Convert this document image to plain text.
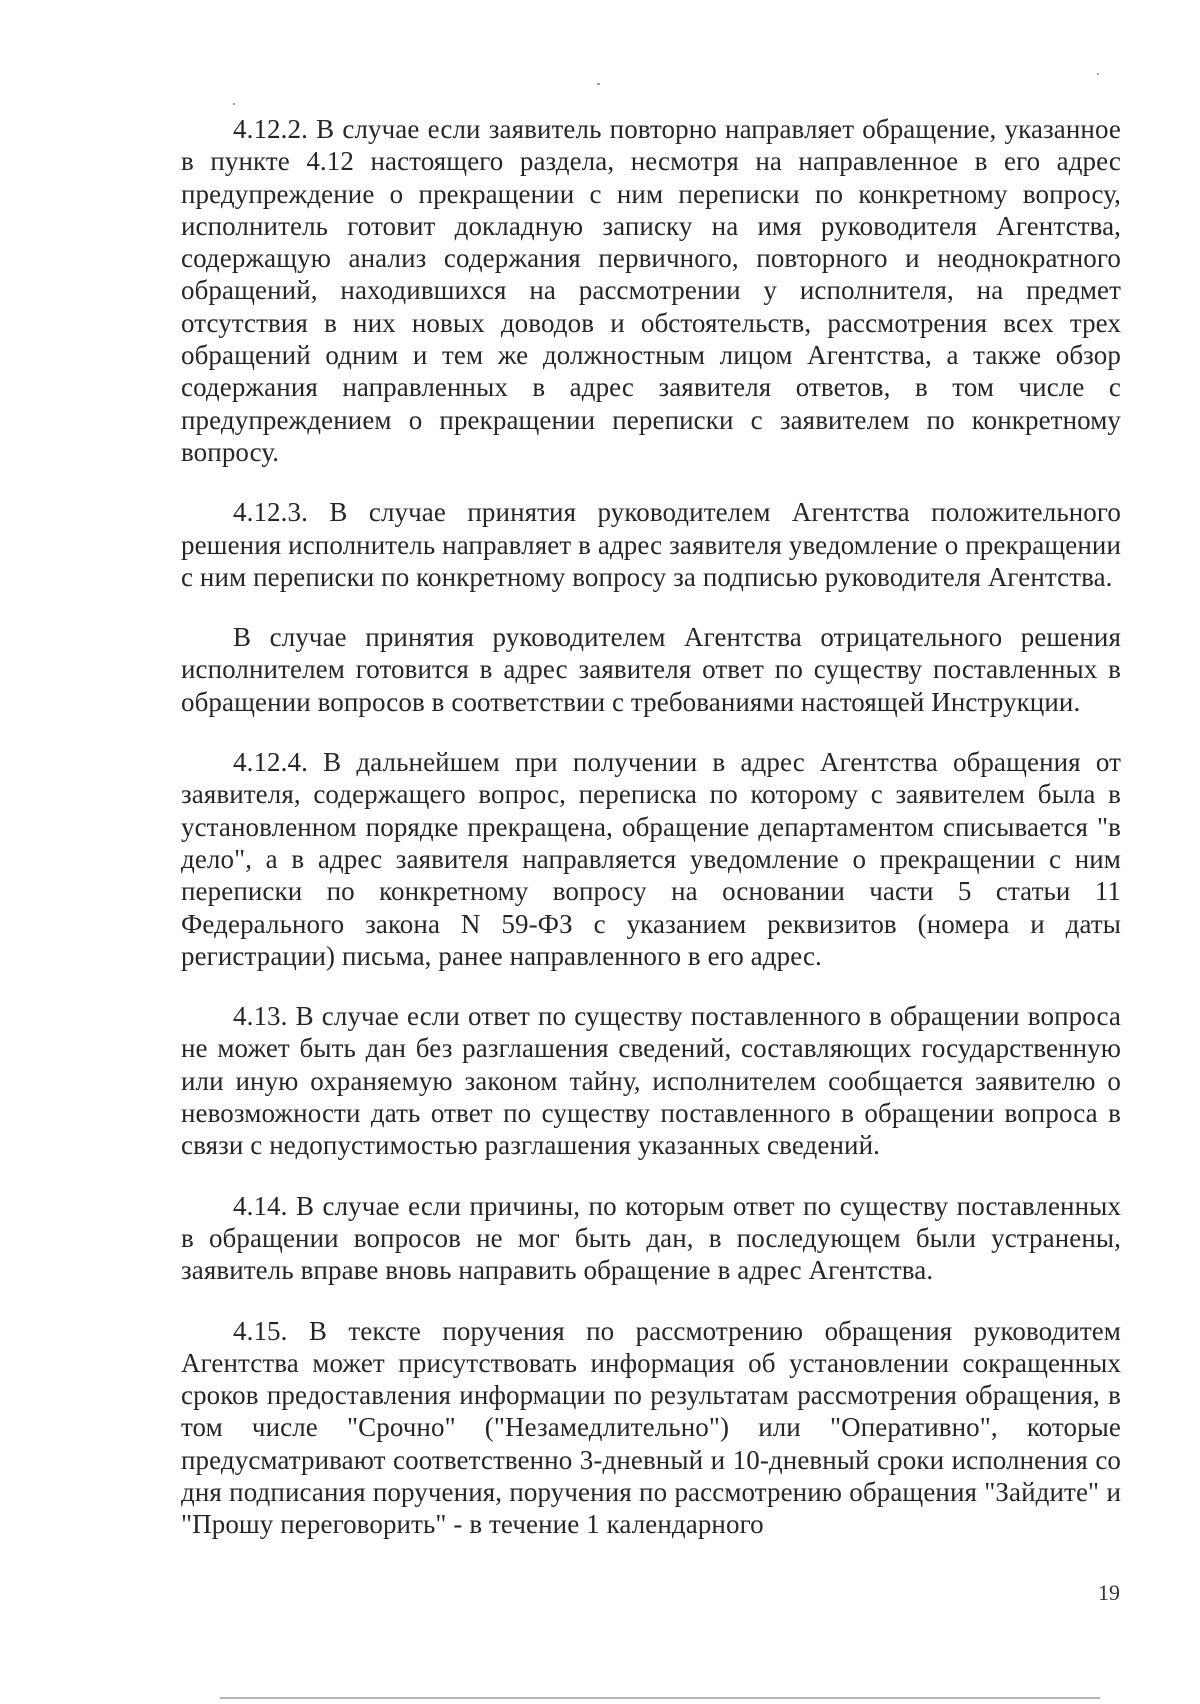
4.12.2. В случае если заявитель повторно направляет обращение, указанное в пункте 4.12 настоящего раздела, несмотря на направленное в его адрес предупреждение о прекращении с ним переписки по конкретному вопросу, исполнитель готовит докладную записку на имя руководителя Агентства, содержащую анализ содержания первичного, повторного и неоднократного обращений, находившихся на рассмотрении у исполнителя, на предмет отсутствия в них новых доводов и обстоятельств, рассмотрения всех трех обращений одним и тем же должностным лицом Агентства, а также обзор содержания направленных в адрес заявителя ответов, в том числе с предупреждением о прекращении переписки с заявителем по конкретному вопросу.

4.12.3. В случае принятия руководителем Агентства положительного решения исполнитель направляет в адрес заявителя уведомление о прекращении с ним переписки по конкретному вопросу за подписью руководителя Агентства.

В случае принятия руководителем Агентства отрицательного решения исполнителем готовится в адрес заявителя ответ по существу поставленных в обращении вопросов в соответствии с требованиями настоящей Инструкции.

4.12.4. В дальнейшем при получении в адрес Агентства обращения от заявителя, содержащего вопрос, переписка по которому с заявителем была в установленном порядке прекращена, обращение департаментом списывается "в дело", а в адрес заявителя направляется уведомление о прекращении с ним переписки по конкретному вопросу на основании части 5 статьи 11 Федерального закона N 59-ФЗ с указанием реквизитов (номера и даты регистрации) письма, ранее направленного в его адрес.

4.13. В случае если ответ по существу поставленного в обращении вопроса не может быть дан без разглашения сведений, составляющих государственную или иную охраняемую законом тайну, исполнителем сообщается заявителю о невозможности дать ответ по существу поставленного в обращении вопроса в связи с недопустимостью разглашения указанных сведений.

4.14. В случае если причины, по которым ответ по существу поставленных в обращении вопросов не мог быть дан, в последующем были устранены, заявитель вправе вновь направить обращение в адрес Агентства.

4.15. В тексте поручения по рассмотрению обращения руководитем Агентства может присутствовать информация об установлении сокращенных сроков предоставления информации по результатам рассмотрения обращения, в том числе "Срочно" ("Незамедлительно") или "Оперативно", которые предусматривают соответственно 3-дневный и 10-дневный сроки исполнения со дня подписания поручения, поручения по рассмотрению обращения "Зайдите" и "Прошу переговорить" - в течение 1 календарного

19
